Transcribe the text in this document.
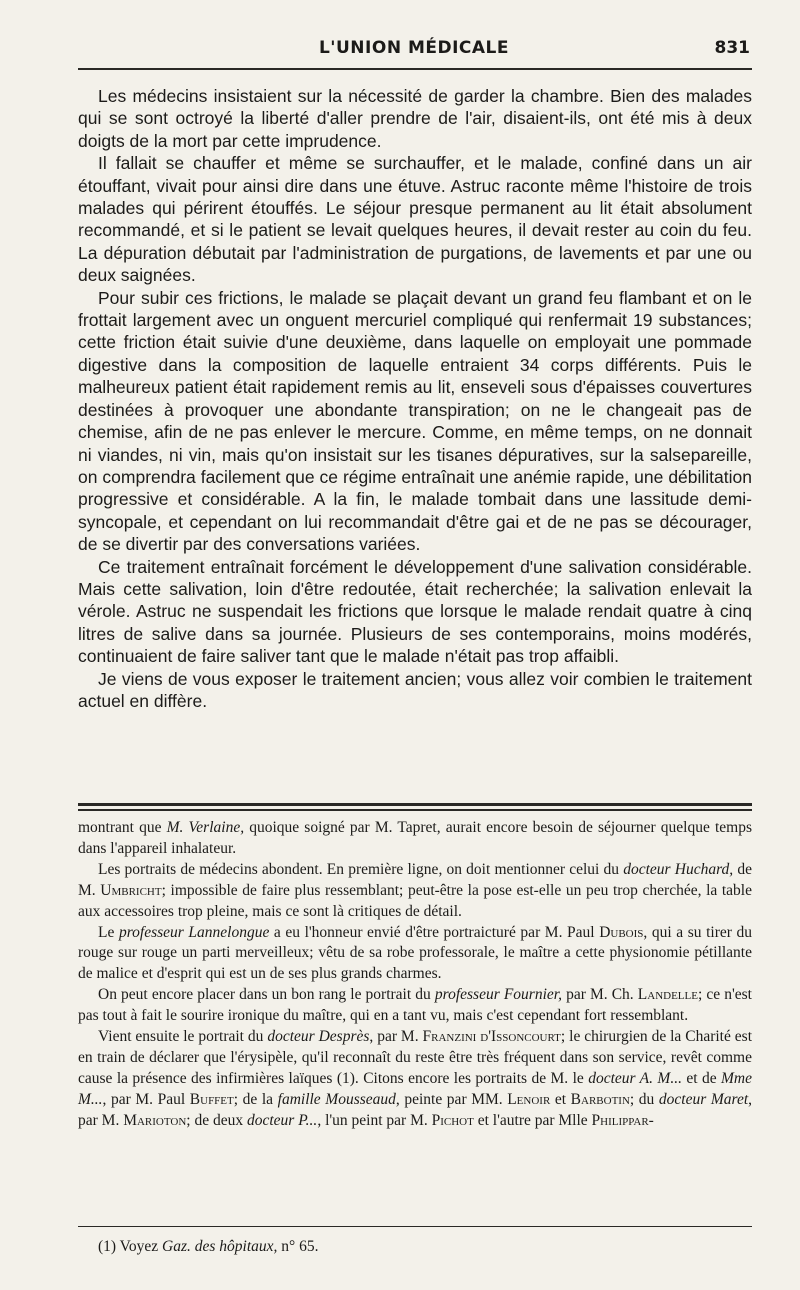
L'UNION MÉDICALE	831

Les médecins insistaient sur la nécessité de garder la chambre. Bien des malades qui se sont octroyé la liberté d'aller prendre de l'air, disaient-ils, ont été mis à deux doigts de la mort par cette imprudence.

Il fallait se chauffer et même se surchauffer, et le malade, confiné dans un air étouffant, vivait pour ainsi dire dans une étuve. Astruc raconte même l'histoire de trois malades qui périrent étouffés. Le séjour presque permanent au lit était absolument recommandé, et si le patient se levait quelques heures, il devait rester au coin du feu. La dépuration débutait par l'administration de purgations, de lavements et par une ou deux saignées.

Pour subir ces frictions, le malade se plaçait devant un grand feu flambant et on le frottait largement avec un onguent mercuriel compliqué qui renfermait 19 substances; cette friction était suivie d'une deuxième, dans laquelle on employait une pommade digestive dans la composition de laquelle entraient 34 corps différents. Puis le malheureux patient était rapidement remis au lit, enseveli sous d'épaisses couvertures destinées à provoquer une abondante transpiration; on ne le changeait pas de chemise, afin de ne pas enlever le mercure. Comme, en même temps, on ne donnait ni viandes, ni vin, mais qu'on insistait sur les tisanes dépuratives, sur la salsepareille, on comprendra facilement que ce régime entraînait une anémie rapide, une débilitation progressive et considérable. A la fin, le malade tombait dans une lassitude demi-syncopale, et cependant on lui recommandait d'être gai et de ne pas se décourager, de se divertir par des conversations variées.

Ce traitement entraînait forcément le développement d'une salivation considérable. Mais cette salivation, loin d'être redoutée, était recherchée; la salivation enlevait la vérole. Astruc ne suspendait les frictions que lorsque le malade rendait quatre à cinq litres de salive dans sa journée. Plusieurs de ses contemporains, moins modérés, continuaient de faire saliver tant que le malade n'était pas trop affaibli.

Je viens de vous exposer le traitement ancien; vous allez voir combien le traitement actuel en diffère.

montrant que M. Verlaine, quoique soigné par M. Tapret, aurait encore besoin de séjourner quelque temps dans l'appareil inhalateur.

Les portraits de médecins abondent. En première ligne, on doit mentionner celui du docteur Huchard, de M. Umbricht; impossible de faire plus ressemblant; peut-être la pose est-elle un peu trop cherchée, la table aux accessoires trop pleine, mais ce sont là critiques de détail.

Le professeur Lannelongue a eu l'honneur envié d'être portraicturé par M. Paul Dubois, qui a su tirer du rouge sur rouge un parti merveilleux; vêtu de sa robe professorale, le maître a cette physionomie pétillante de malice et d'esprit qui est un de ses plus grands charmes.

On peut encore placer dans un bon rang le portrait du professeur Fournier, par M. Ch. Landelle; ce n'est pas tout à fait le sourire ironique du maître, qui en a tant vu, mais c'est cependant fort ressemblant.

Vient ensuite le portrait du docteur Desprès, par M. Franzini d'Issoncourt; le chirurgien de la Charité est en train de déclarer que l'érysipèle, qu'il reconnaît du reste être très fréquent dans son service, revêt comme cause la présence des infirmières laïques (1). Citons encore les portraits de M. le docteur A. M... et de Mme M..., par M. Paul Buffet; de la famille Mousseaud, peinte par MM. Lenoir et Barbotin; du docteur Maret, par M. Marioton; de deux docteur P..., l'un peint par M. Pichot et l'autre par Mlle Philippar-

(1) Voyez Gaz. des hôpitaux, n° 65.
